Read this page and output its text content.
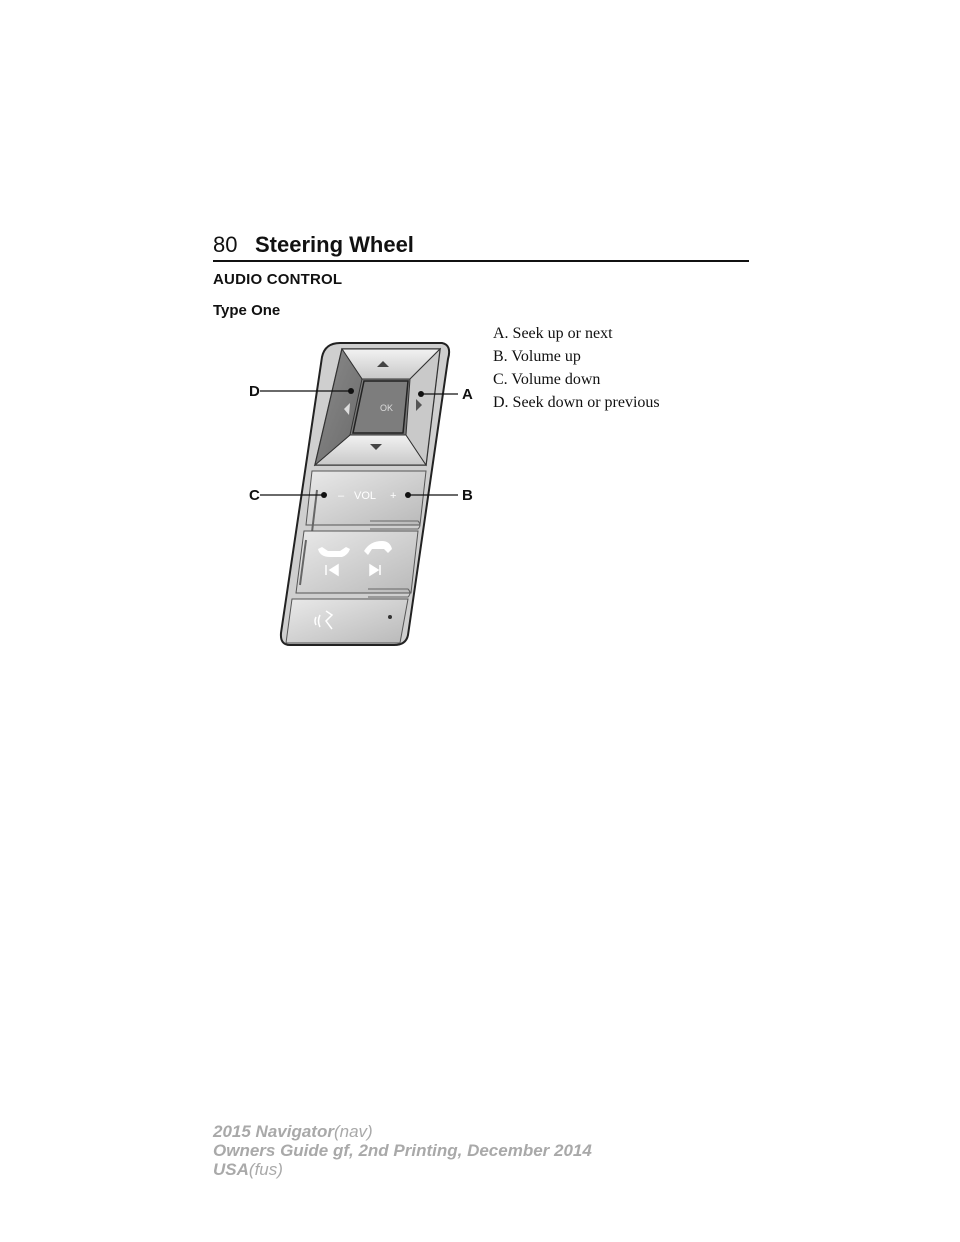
80 Steering Wheel
AUDIO CONTROL
Type One
A. Seek up or next
B. Volume up
C. Volume down
D. Seek down or previous
OK
– VOL +
D	A
C	B
2015 Navigator(nav)
Owners Guide gf, 2nd Printing, December 2014
USA(fus)
